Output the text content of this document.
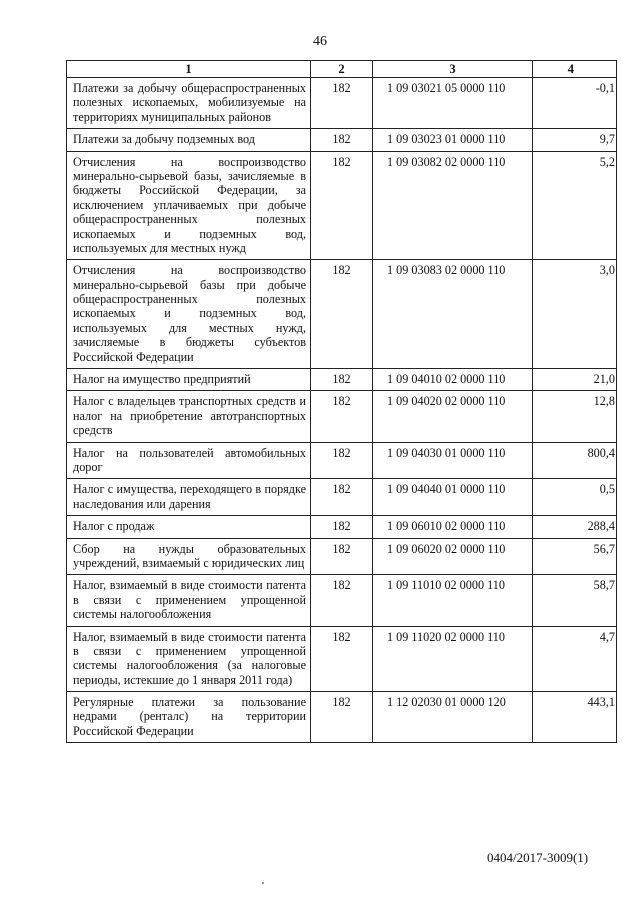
46
1	2	3	4
Платежи за добычу общераспространенных полезных ископаемых, мобилизуемые на территориях муниципальных районов	182	1 09 03021 05 0000 110	-0,1
Платежи за добычу подземных вод	182	1 09 03023 01 0000 110	9,7
Отчисления на воспроизводство минерально-сырьевой базы, зачисляемые в бюджеты Российской Федерации, за исключением уплачиваемых при добыче общераспространенных полезных ископаемых и подземных вод, используемых для местных нужд	182	1 09 03082 02 0000 110	5,2
Отчисления на воспроизводство минерально-сырьевой базы при добыче общераспространенных полезных ископаемых и подземных вод, используемых для местных нужд, зачисляемые в бюджеты субъектов Российской Федерации	182	1 09 03083 02 0000 110	3,0
Налог на имущество предприятий	182	1 09 04010 02 0000 110	21,0
Налог с владельцев транспортных средств и налог на приобретение автотранспортных средств	182	1 09 04020 02 0000 110	12,8
Налог на пользователей автомобильных дорог	182	1 09 04030 01 0000 110	800,4
Налог с имущества, переходящего в порядке наследования или дарения	182	1 09 04040 01 0000 110	0,5
Налог с продаж	182	1 09 06010 02 0000 110	288,4
Сбор на нужды образовательных учреждений, взимаемый с юридических лиц	182	1 09 06020 02 0000 110	56,7
Налог, взимаемый в виде стоимости патента в связи с применением упрощенной системы налогообложения	182	1 09 11010 02 0000 110	58,7
Налог, взимаемый в виде стоимости патента в связи с применением упрощенной системы налогообложения (за налоговые периоды, истекшие до 1 января 2011 года)	182	1 09 11020 02 0000 110	4,7
Регулярные платежи за пользование недрами (ренталс) на территории Российской Федерации	182	1 12 02030 01 0000 120	443,1
0404/2017-3009(1)
